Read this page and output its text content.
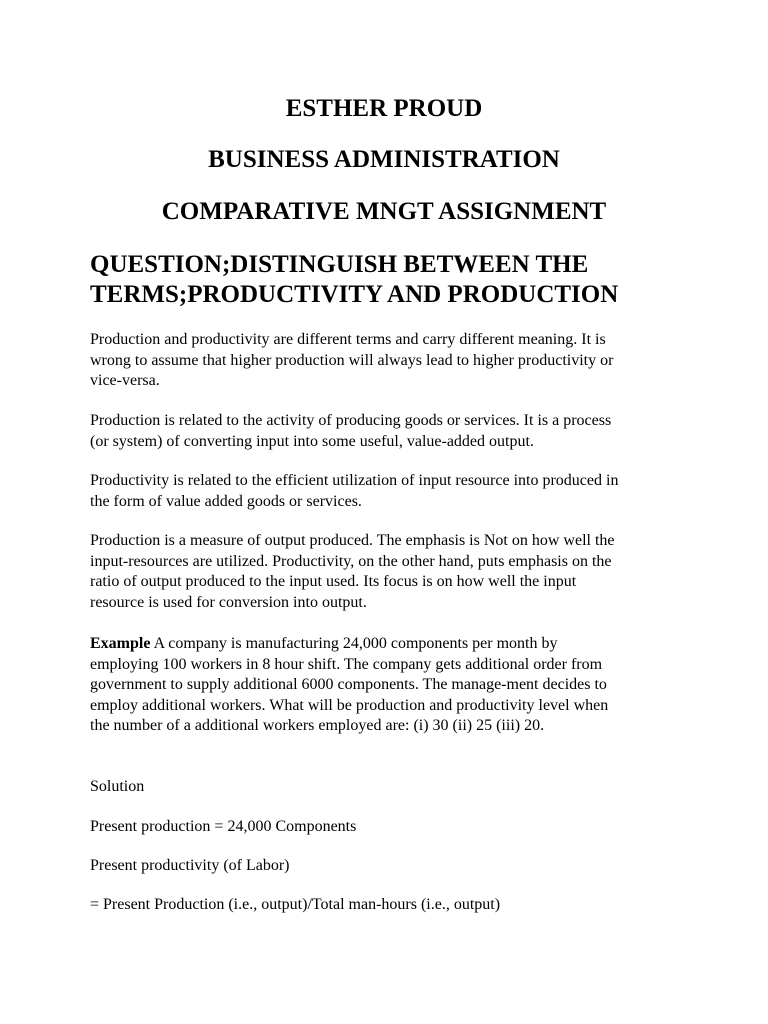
ESTHER PROUD
BUSINESS ADMINISTRATION
COMPARATIVE MNGT ASSIGNMENT
QUESTION;DISTINGUISH BETWEEN THE
TERMS;PRODUCTIVITY AND PRODUCTION
Production and productivity are different terms and carry different meaning. It is
wrong to assume that higher production will always lead to higher productivity or
vice-versa.
Production is related to the activity of producing goods or services. It is a process
(or system) of converting input into some useful, value-added output.
Productivity is related to the efficient utilization of input resource into produced in
the form of value added goods or services.
Production is a measure of output produced. The emphasis is Not on how well the
input-resources are utilized. Productivity, on the other hand, puts emphasis on the
ratio of output produced to the input used. Its focus is on how well the input
resource is used for conversion into output.
Example A company is manufacturing 24,000 components per month by
employing 100 workers in 8 hour shift. The company gets additional order from
government to supply additional 6000 components. The manage-ment decides to
employ additional workers. What will be production and productivity level when
the number of a additional workers employed are: (i) 30 (ii) 25 (iii) 20.
Solution
Present production = 24,000 Components
Present productivity (of Labor)
= Present Production (i.e., output)/Total man-hours (i.e., output)
